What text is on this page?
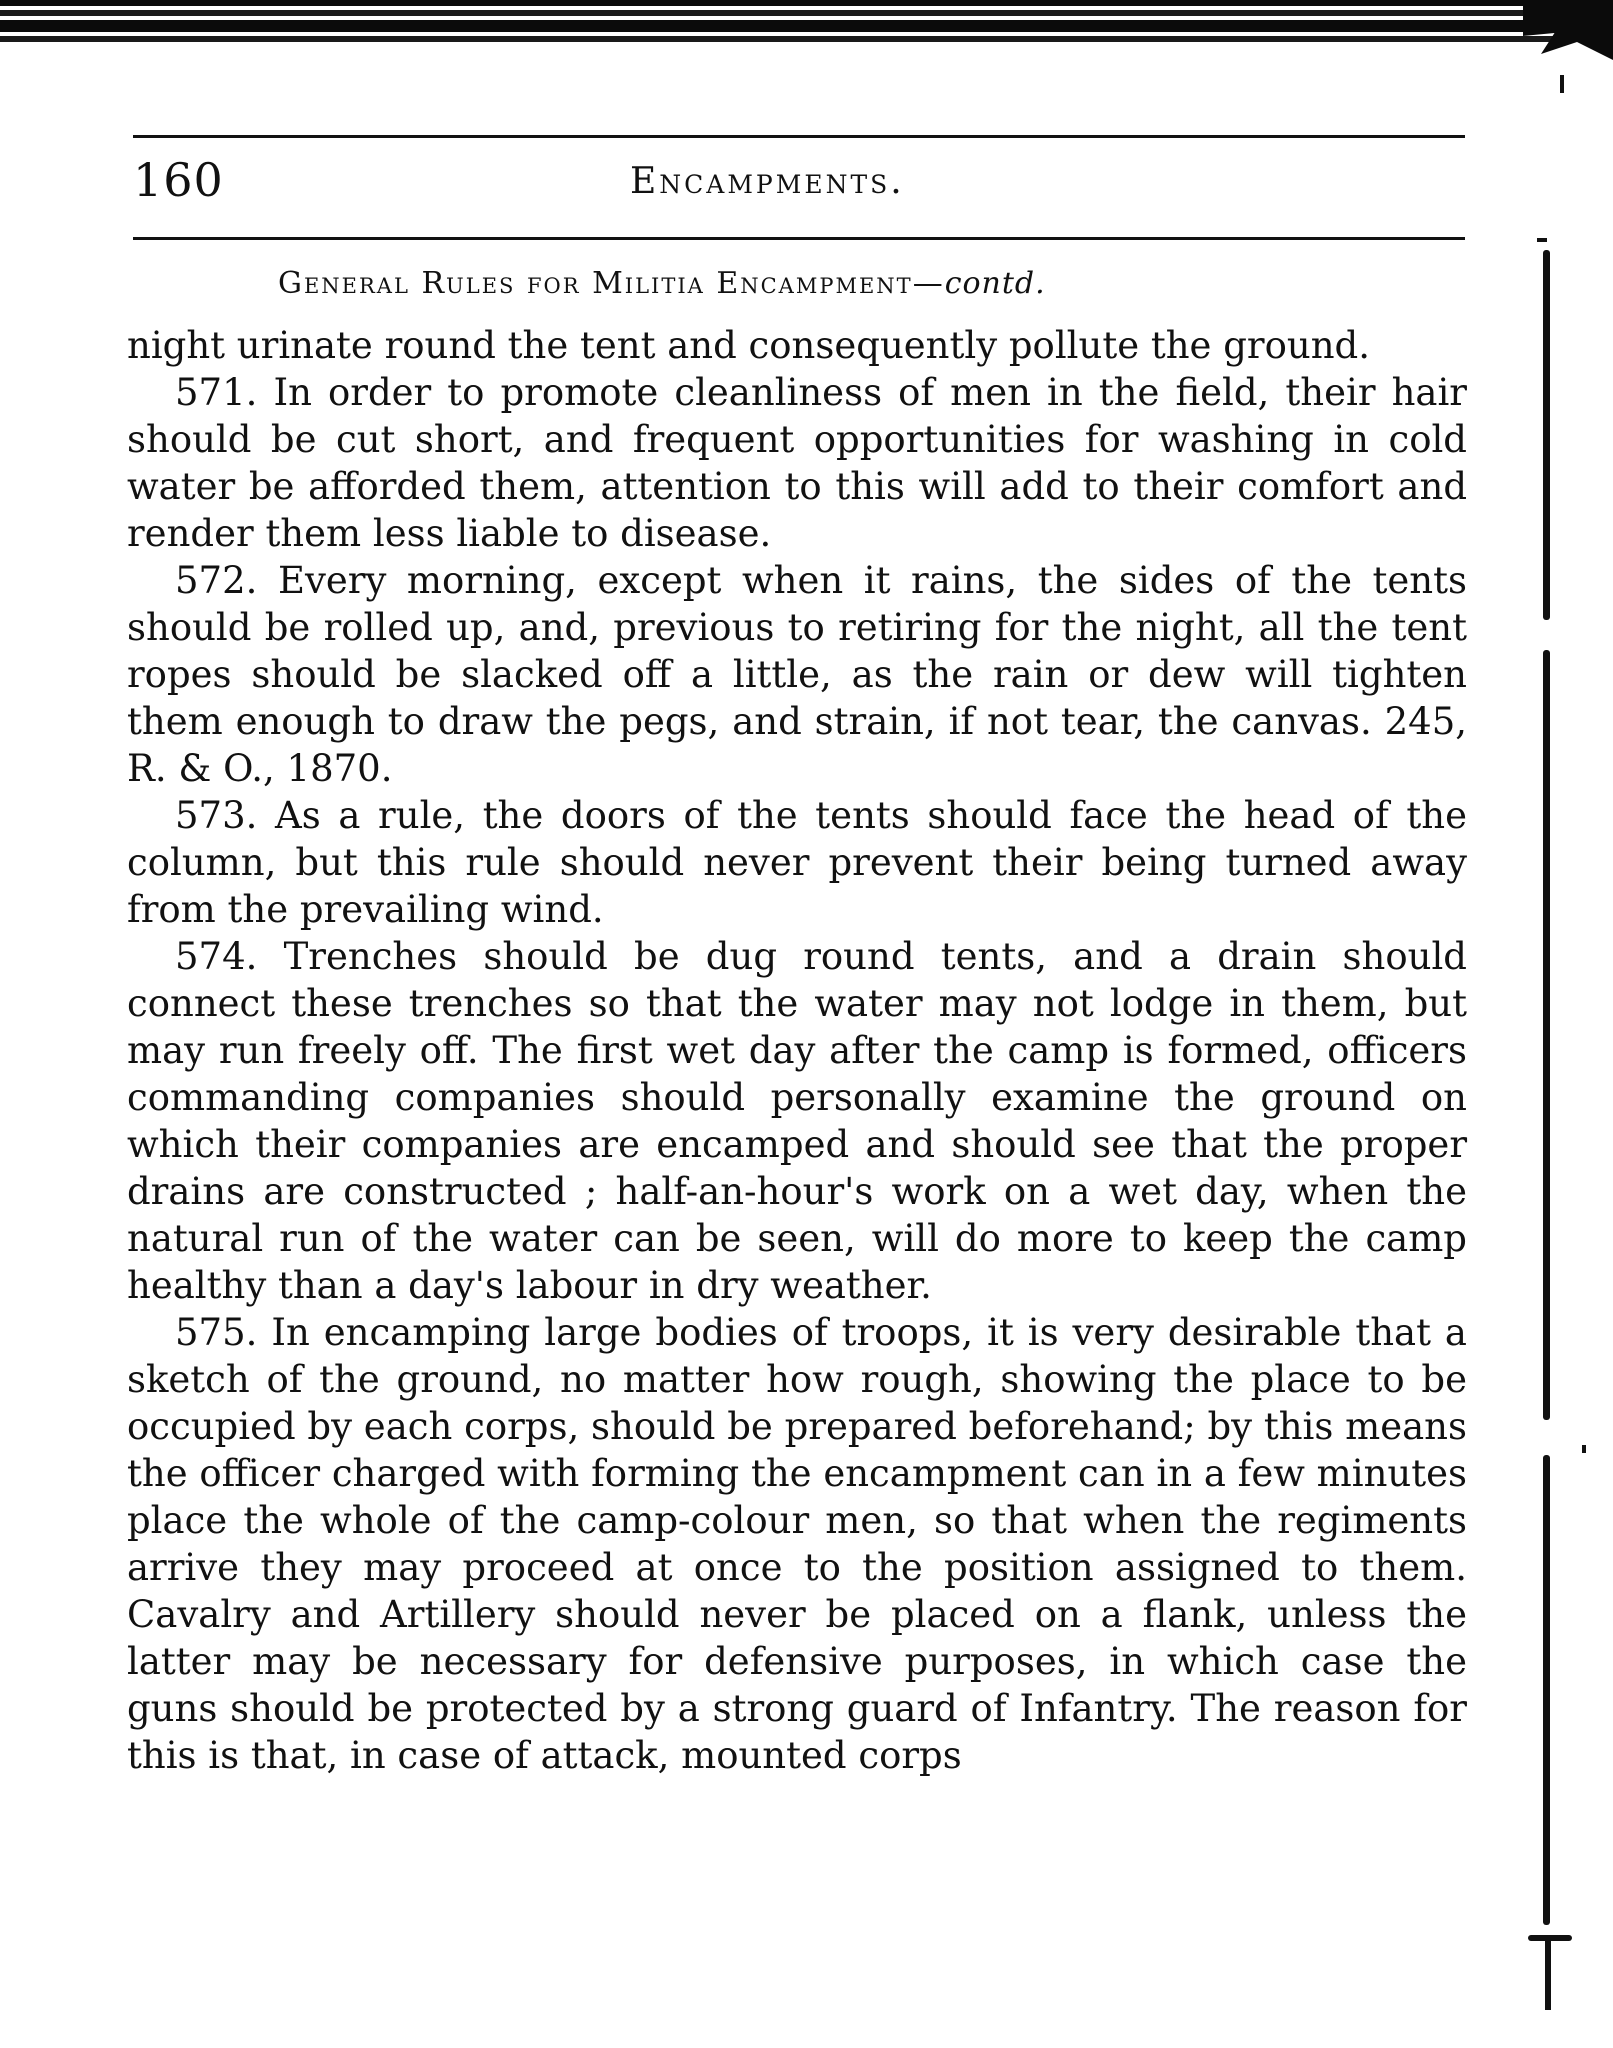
160	Encampments.
General Rules for Militia Encampment—contd.

night urinate round the tent and consequently pollute the ground.

571. In order to promote cleanliness of men in the field, their hair should be cut short, and frequent opportunities for washing in cold water be afforded them, attention to this will add to their comfort and render them less liable to disease.

572. Every morning, except when it rains, the sides of the tents should be rolled up, and, previous to retiring for the night, all the tent ropes should be slacked off a little, as the rain or dew will tighten them enough to draw the pegs, and strain, if not tear, the canvas. 245, R. & O., 1870.

573. As a rule, the doors of the tents should face the head of the column, but this rule should never prevent their being turned away from the prevailing wind.

574. Trenches should be dug round tents, and a drain should connect these trenches so that the water may not lodge in them, but may run freely off. The first wet day after the camp is formed, officers commanding companies should personally examine the ground on which their companies are encamped and should see that the proper drains are constructed ; half-an-hour's work on a wet day, when the natural run of the water can be seen, will do more to keep the camp healthy than a day's labour in dry weather.

575. In encamping large bodies of troops, it is very desirable that a sketch of the ground, no matter how rough, showing the place to be occupied by each corps, should be prepared beforehand; by this means the officer charged with forming the encampment can in a few minutes place the whole of the camp-colour men, so that when the regiments arrive they may proceed at once to the position assigned to them. Cavalry and Artillery should never be placed on a flank, unless the latter may be necessary for defensive purposes, in which case the guns should be protected by a strong guard of Infantry. The reason for this is that, in case of attack, mounted corps
